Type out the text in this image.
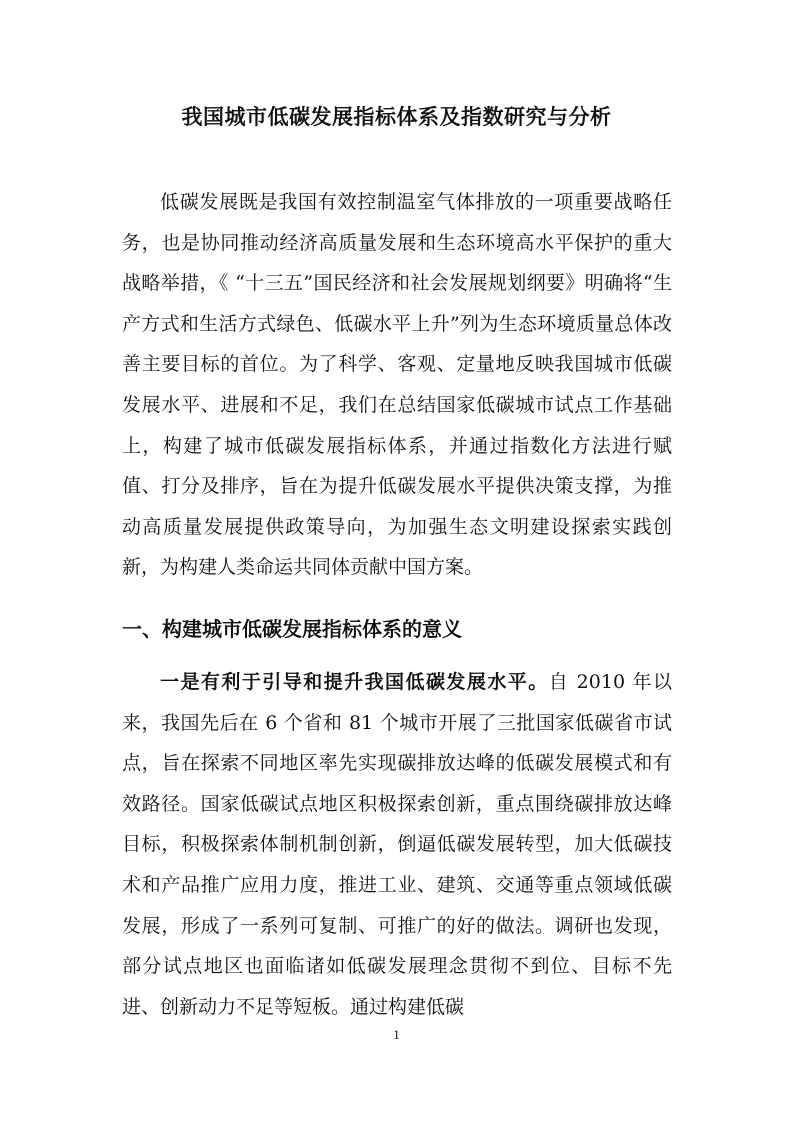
我国城市低碳发展指标体系及指数研究与分析

低碳发展既是我国有效控制温室气体排放的一项重要战略任务，也是协同推动经济高质量发展和生态环境高水平保护的重大战略举措，《 “十三五”国民经济和社会发展规划纲要》明确将“生产方式和生活方式绿色、低碳水平上升”列为生态环境质量总体改善主要目标的首位。为了科学、客观、定量地反映我国城市低碳发展水平、进展和不足，我们在总结国家低碳城市试点工作基础上，构建了城市低碳发展指标体系，并通过指数化方法进行赋值、打分及排序，旨在为提升低碳发展水平提供决策支撑，为推动高质量发展提供政策导向，为加强生态文明建设探索实践创新，为构建人类命运共同体贡献中国方案。

一、构建城市低碳发展指标体系的意义

一是有利于引导和提升我国低碳发展水平。自 2010 年以来，我国先后在 6 个省和 81 个城市开展了三批国家低碳省市试点，旨在探索不同地区率先实现碳排放达峰的低碳发展模式和有效路径。国家低碳试点地区积极探索创新，重点围绕碳排放达峰目标，积极探索体制机制创新，倒逼低碳发展转型，加大低碳技术和产品推广应用力度，推进工业、建筑、交通等重点领域低碳发展，形成了一系列可复制、可推广的好的做法。调研也发现，部分试点地区也面临诸如低碳发展理念贯彻不到位、目标不先进、创新动力不足等短板。通过构建低碳

1
